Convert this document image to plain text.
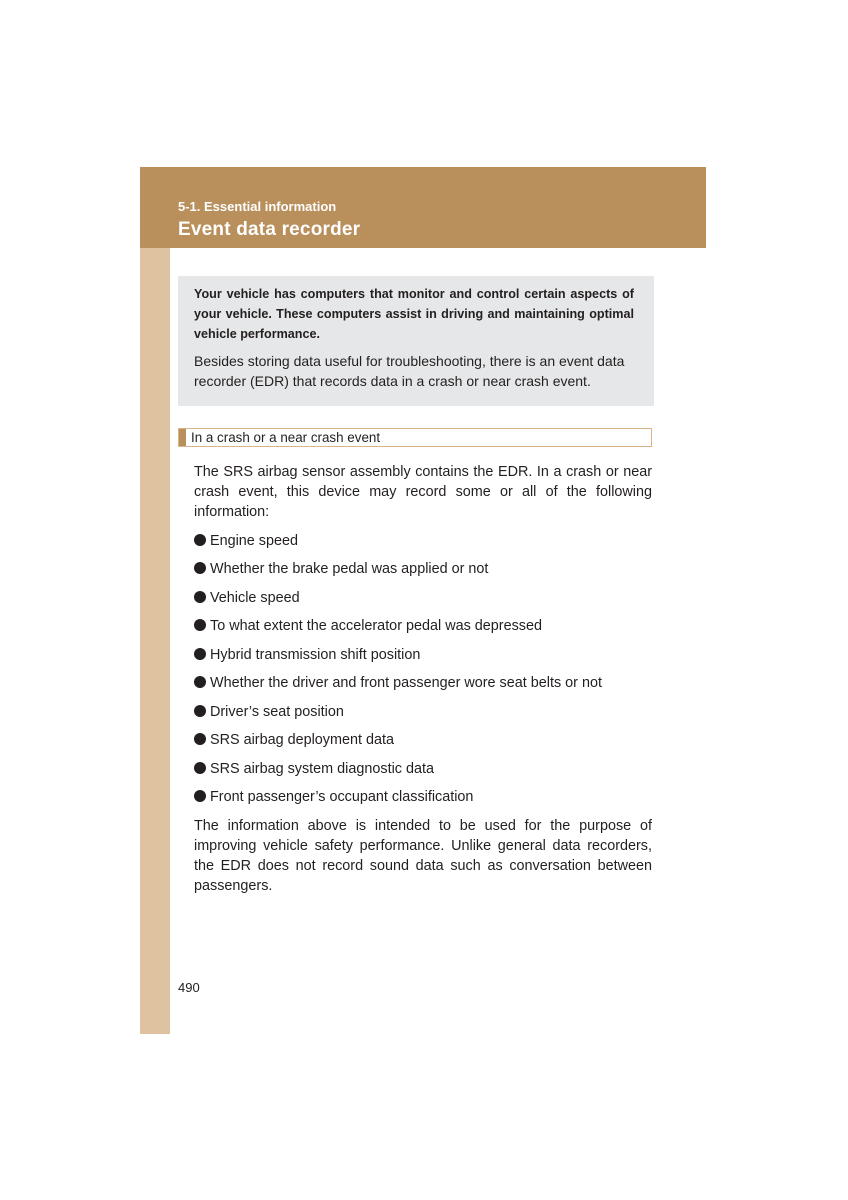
5-1. Essential information
Event data recorder
Your vehicle has computers that monitor and control certain aspects of your vehicle. These computers assist in driving and maintaining optimal vehicle performance.
Besides storing data useful for troubleshooting, there is an event data recorder (EDR) that records data in a crash or near crash event.
In a crash or a near crash event
The SRS airbag sensor assembly contains the EDR. In a crash or near crash event, this device may record some or all of the following information:
Engine speed
Whether the brake pedal was applied or not
Vehicle speed
To what extent the accelerator pedal was depressed
Hybrid transmission shift position
Whether the driver and front passenger wore seat belts or not
Driver’s seat position
SRS airbag deployment data
SRS airbag system diagnostic data
Front passenger’s occupant classification
The information above is intended to be used for the purpose of improving vehicle safety performance. Unlike general data recorders, the EDR does not record sound data such as conversation between passengers.
490
